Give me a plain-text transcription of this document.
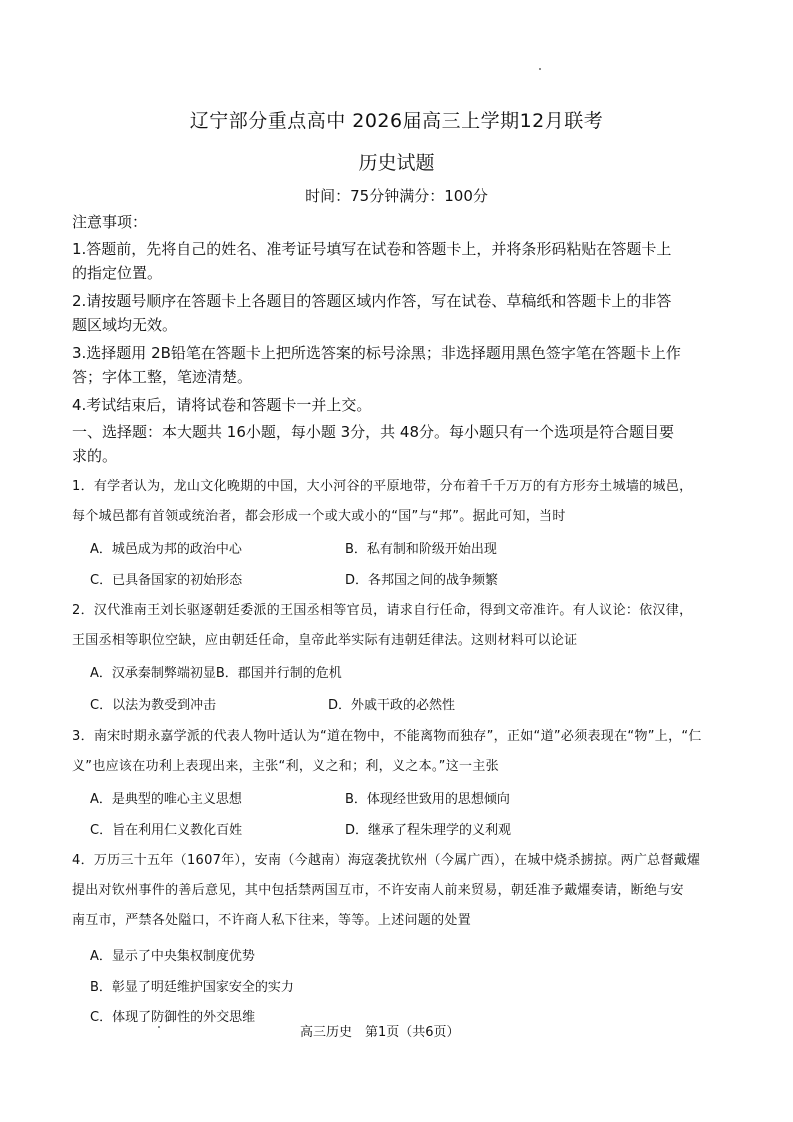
辽宁部分重点高中 2026届高三上学期12月联考
历史试题
时间：75分钟满分：100分
注意事项：
1.答题前，先将自己的姓名、准考证号填写在试卷和答题卡上，并将条形码粘贴在答题卡上
的指定位置。
2.请按题号顺序在答题卡上各题目的答题区域内作答，写在试卷、草稿纸和答题卡上的非答
题区域均无效。
3.选择题用 2B铅笔在答题卡上把所选答案的标号涂黑；非选择题用黑色签字笔在答题卡上作
答；字体工整，笔迹清楚。
4.考试结束后，请将试卷和答题卡一并上交。
一、选择题：本大题共 16小题，每小题 3分，共 48分。每小题只有一个选项是符合题目要
求的。
1．有学者认为，龙山文化晚期的中国，大小河谷的平原地带，分布着千千万万的有方形夯土城墙的城邑，
每个城邑都有首领或统治者，都会形成一个或大或小的“国”与“邦”。据此可知，当时
A．城邑成为邦的政治中心	B．私有制和阶级开始出现
C．已具备国家的初始形态	D．各邦国之间的战争频繁
2．汉代淮南王刘长驱逐朝廷委派的王国丞相等官员，请求自行任命，得到文帝准许。有人议论：依汉律，
王国丞相等职位空缺，应由朝廷任命，皇帝此举实际有违朝廷律法。这则材料可以论证
A．汉承秦制弊端初显B．郡国并行制的危机
C．以法为教受到冲击	D．外戚干政的必然性
3．南宋时期永嘉学派的代表人物叶适认为“道在物中，不能离物而独存”，正如“道”必须表现在“物”上，“仁
义”也应该在功利上表现出来，主张“利，义之和；利，义之本。”这一主张
A．是典型的唯心主义思想	B．体现经世致用的思想倾向
C．旨在利用仁义教化百姓	D．继承了程朱理学的义利观
4．万历三十五年（1607年），安南（今越南）海寇袭扰钦州（今属广西），在城中烧杀掳掠。两广总督戴燿
提出对钦州事件的善后意见，其中包括禁两国互市，不许安南人前来贸易，朝廷准予戴燿奏请，断绝与安
南互市，严禁各处隘口，不许商人私下往来，等等。上述问题的处置
A．显示了中央集权制度优势
B．彰显了明廷维护国家安全的实力
C．体现了防御性的外交思维
高三历史　第1页（共6页）
